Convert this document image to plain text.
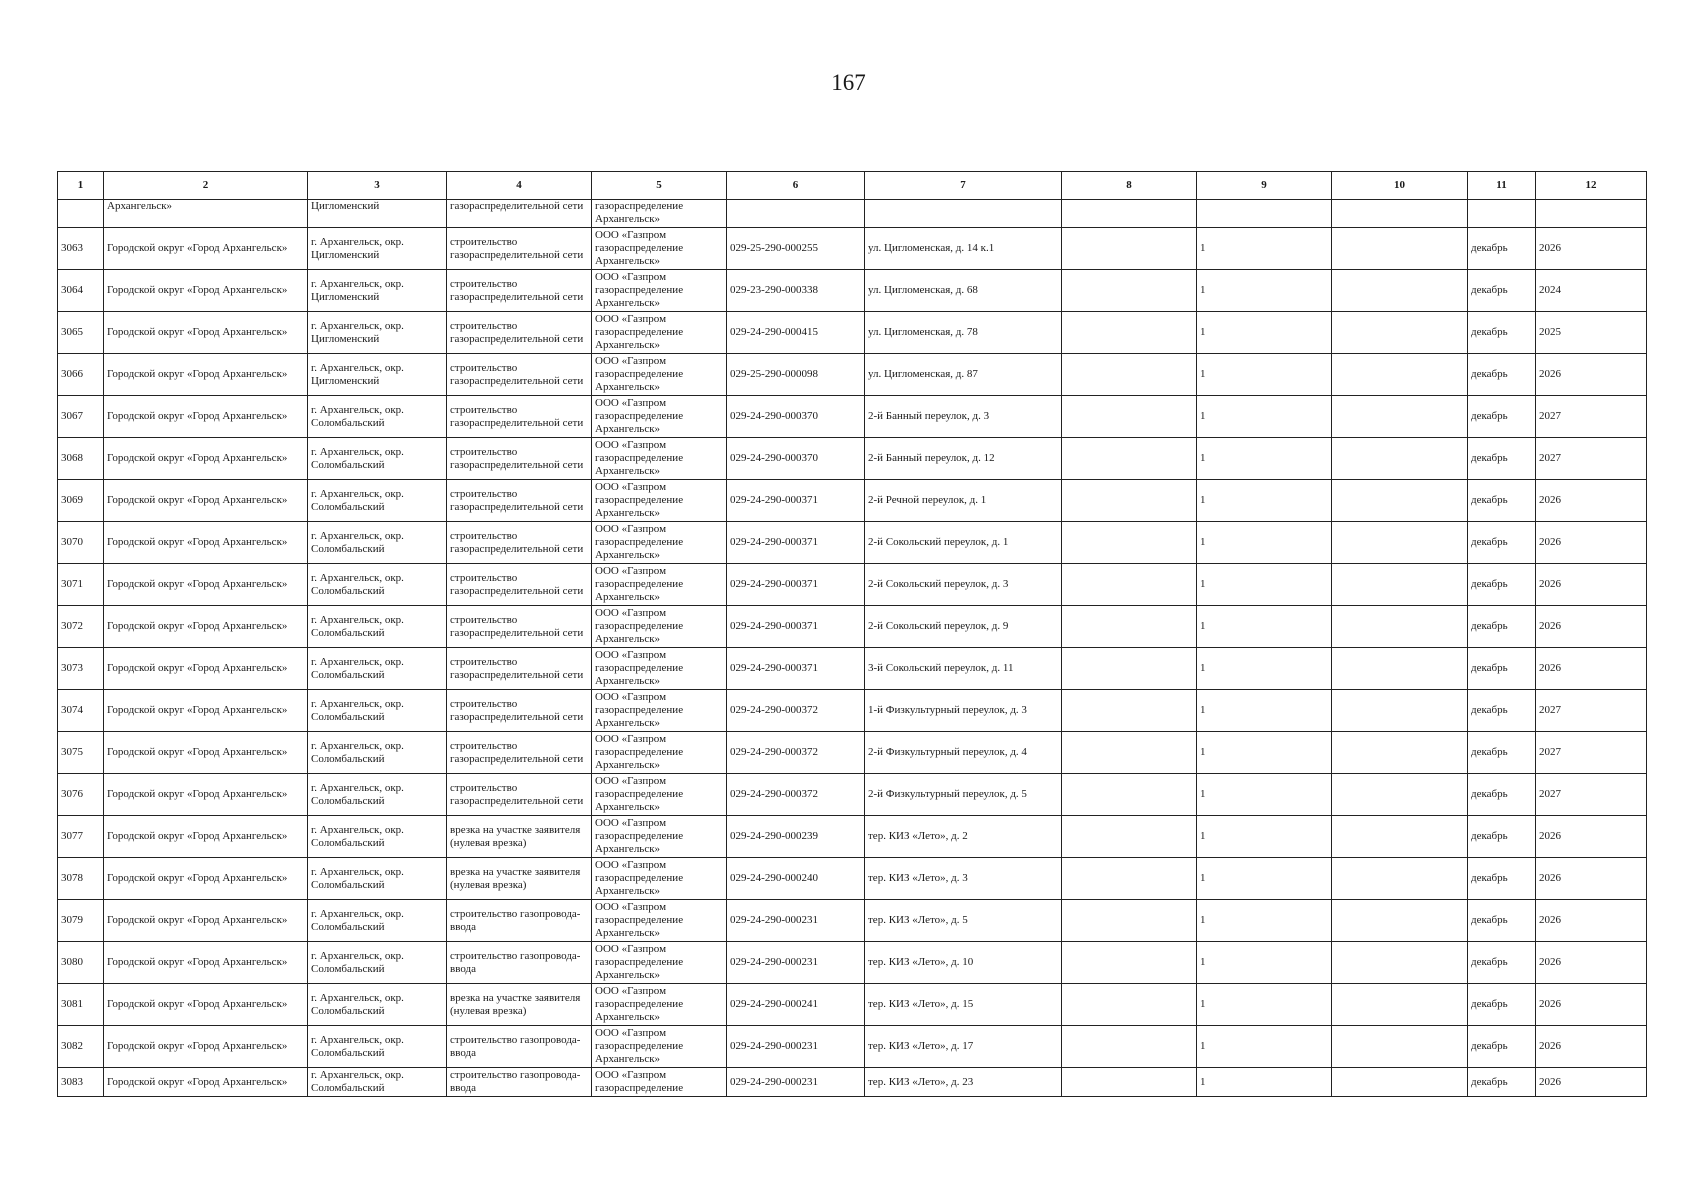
167
1	2	3	4	5	6	7	8	9	10	11	12
	Архангельск»	Цигломенский	газораспределительной сети	газораспределение Архангельск»							
3063	Городской округ «Город Архангельск»	г. Архангельск, окр. Цигломенский	строительство газораспределительной сети	ООО «Газпром газораспределение Архангельск»	029-25-290-000255	ул. Цигломенская, д. 14 к.1		1		декабрь	2026
3064	Городской округ «Город Архангельск»	г. Архангельск, окр. Цигломенский	строительство газораспределительной сети	ООО «Газпром газораспределение Архангельск»	029-23-290-000338	ул. Цигломенская, д. 68		1		декабрь	2024
3065	Городской округ «Город Архангельск»	г. Архангельск, окр. Цигломенский	строительство газораспределительной сети	ООО «Газпром газораспределение Архангельск»	029-24-290-000415	ул. Цигломенская, д. 78		1		декабрь	2025
3066	Городской округ «Город Архангельск»	г. Архангельск, окр. Цигломенский	строительство газораспределительной сети	ООО «Газпром газораспределение Архангельск»	029-25-290-000098	ул. Цигломенская, д. 87		1		декабрь	2026
3067	Городской округ «Город Архангельск»	г. Архангельск, окр. Соломбальский	строительство газораспределительной сети	ООО «Газпром газораспределение Архангельск»	029-24-290-000370	2-й Банный переулок, д. 3		1		декабрь	2027
3068	Городской округ «Город Архангельск»	г. Архангельск, окр. Соломбальский	строительство газораспределительной сети	ООО «Газпром газораспределение Архангельск»	029-24-290-000370	2-й Банный переулок, д. 12		1		декабрь	2027
3069	Городской округ «Город Архангельск»	г. Архангельск, окр. Соломбальский	строительство газораспределительной сети	ООО «Газпром газораспределение Архангельск»	029-24-290-000371	2-й Речной переулок, д. 1		1		декабрь	2026
3070	Городской округ «Город Архангельск»	г. Архангельск, окр. Соломбальский	строительство газораспределительной сети	ООО «Газпром газораспределение Архангельск»	029-24-290-000371	2-й Сокольский переулок, д. 1		1		декабрь	2026
3071	Городской округ «Город Архангельск»	г. Архангельск, окр. Соломбальский	строительство газораспределительной сети	ООО «Газпром газораспределение Архангельск»	029-24-290-000371	2-й Сокольский переулок, д. 3		1		декабрь	2026
3072	Городской округ «Город Архангельск»	г. Архангельск, окр. Соломбальский	строительство газораспределительной сети	ООО «Газпром газораспределение Архангельск»	029-24-290-000371	2-й Сокольский переулок, д. 9		1		декабрь	2026
3073	Городской округ «Город Архангельск»	г. Архангельск, окр. Соломбальский	строительство газораспределительной сети	ООО «Газпром газораспределение Архангельск»	029-24-290-000371	3-й Сокольский переулок, д. 11		1		декабрь	2026
3074	Городской округ «Город Архангельск»	г. Архангельск, окр. Соломбальский	строительство газораспределительной сети	ООО «Газпром газораспределение Архангельск»	029-24-290-000372	1-й Физкультурный переулок, д. 3		1		декабрь	2027
3075	Городской округ «Город Архангельск»	г. Архангельск, окр. Соломбальский	строительство газораспределительной сети	ООО «Газпром газораспределение Архангельск»	029-24-290-000372	2-й Физкультурный переулок, д. 4		1		декабрь	2027
3076	Городской округ «Город Архангельск»	г. Архангельск, окр. Соломбальский	строительство газораспределительной сети	ООО «Газпром газораспределение Архангельск»	029-24-290-000372	2-й Физкультурный переулок, д. 5		1		декабрь	2027
3077	Городской округ «Город Архангельск»	г. Архангельск, окр. Соломбальский	врезка на участке заявителя (нулевая врезка)	ООО «Газпром газораспределение Архангельск»	029-24-290-000239	тер. КИЗ «Лето», д. 2		1		декабрь	2026
3078	Городской округ «Город Архангельск»	г. Архангельск, окр. Соломбальский	врезка на участке заявителя (нулевая врезка)	ООО «Газпром газораспределение Архангельск»	029-24-290-000240	тер. КИЗ «Лето», д. 3		1		декабрь	2026
3079	Городской округ «Город Архангельск»	г. Архангельск, окр. Соломбальский	строительство газопровода-ввода	ООО «Газпром газораспределение Архангельск»	029-24-290-000231	тер. КИЗ «Лето», д. 5		1		декабрь	2026
3080	Городской округ «Город Архангельск»	г. Архангельск, окр. Соломбальский	строительство газопровода-ввода	ООО «Газпром газораспределение Архангельск»	029-24-290-000231	тер. КИЗ «Лето», д. 10		1		декабрь	2026
3081	Городской округ «Город Архангельск»	г. Архангельск, окр. Соломбальский	врезка на участке заявителя (нулевая врезка)	ООО «Газпром газораспределение Архангельск»	029-24-290-000241	тер. КИЗ «Лето», д. 15		1		декабрь	2026
3082	Городской округ «Город Архангельск»	г. Архангельск, окр. Соломбальский	строительство газопровода-ввода	ООО «Газпром газораспределение Архангельск»	029-24-290-000231	тер. КИЗ «Лето», д. 17		1		декабрь	2026
3083	Городской округ «Город Архангельск»	г. Архангельск, окр. Соломбальский	строительство газопровода-ввода	ООО «Газпром газораспределение	029-24-290-000231	тер. КИЗ «Лето», д. 23		1		декабрь	2026
